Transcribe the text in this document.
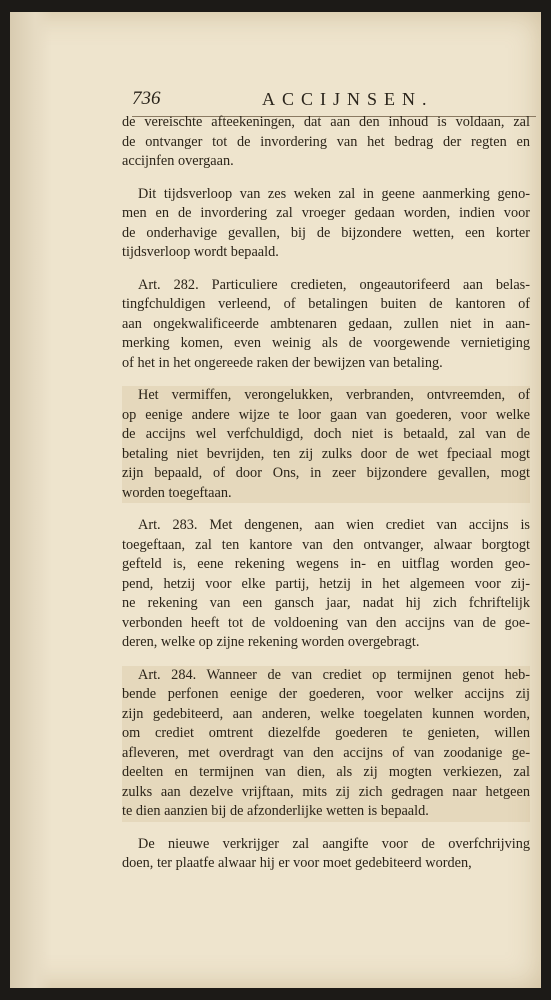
736	ACCIJNSEN.
de vereischte afteekeningen, dat aan den inhoud is voldaan, zal
de ontvanger tot de invordering van het bedrag der regten en
accijnfen overgaan.
Dit tijdsverloop van zes weken zal in geene aanmerking geno-
men en de invordering zal vroeger gedaan worden, indien voor
de onderhavige gevallen, bij de bijzondere wetten, een korter
tijdsverloop wordt bepaald.
Art. 282. Particuliere credieten, ongeautorifeerd aan belas-
tingfchuldigen verleend, of betalingen buiten de kantoren of
aan ongekwalificeerde ambtenaren gedaan, zullen niet in aan-
merking komen, even weinig als de voorgewende vernietiging
of het in het ongereede raken der bewijzen van betaling.
Het vermiffen, verongelukken, verbranden, ontvreemden, of
op eenige andere wijze te loor gaan van goederen, voor welke
de accijns wel verfchuldigd, doch niet is betaald, zal van de
betaling niet bevrijden, ten zij zulks door de wet fpeciaal mogt
zijn bepaald, of door Ons, in zeer bijzondere gevallen, mogt
worden toegeftaan.
Art. 283. Met dengenen, aan wien crediet van accijns is
toegeftaan, zal ten kantore van den ontvanger, alwaar borgtogt
gefteld is, eene rekening wegens in- en uitflag worden geo-
pend, hetzij voor elke partij, hetzij in het algemeen voor zij-
ne rekening van een gansch jaar, nadat hij zich fchriftelijk
verbonden heeft tot de voldoening van den accijns van de goe-
deren, welke op zijne rekening worden overgebragt.
Art. 284. Wanneer de van crediet op termijnen genot heb-
bende perfonen eenige der goederen, voor welker accijns zij
zijn gedebiteerd, aan anderen, welke toegelaten kunnen worden,
om crediet omtrent diezelfde goederen te genieten, willen
afleveren, met overdragt van den accijns of van zoodanige ge-
deelten en termijnen van dien, als zij mogten verkiezen, zal
zulks aan dezelve vrijftaan, mits zij zich gedragen naar hetgeen
te dien aanzien bij de afzonderlijke wetten is bepaald.
De nieuwe verkrijger zal aangifte voor de overfchrijving
doen, ter plaatfe alwaar hij er voor moet gedebiteerd worden,
